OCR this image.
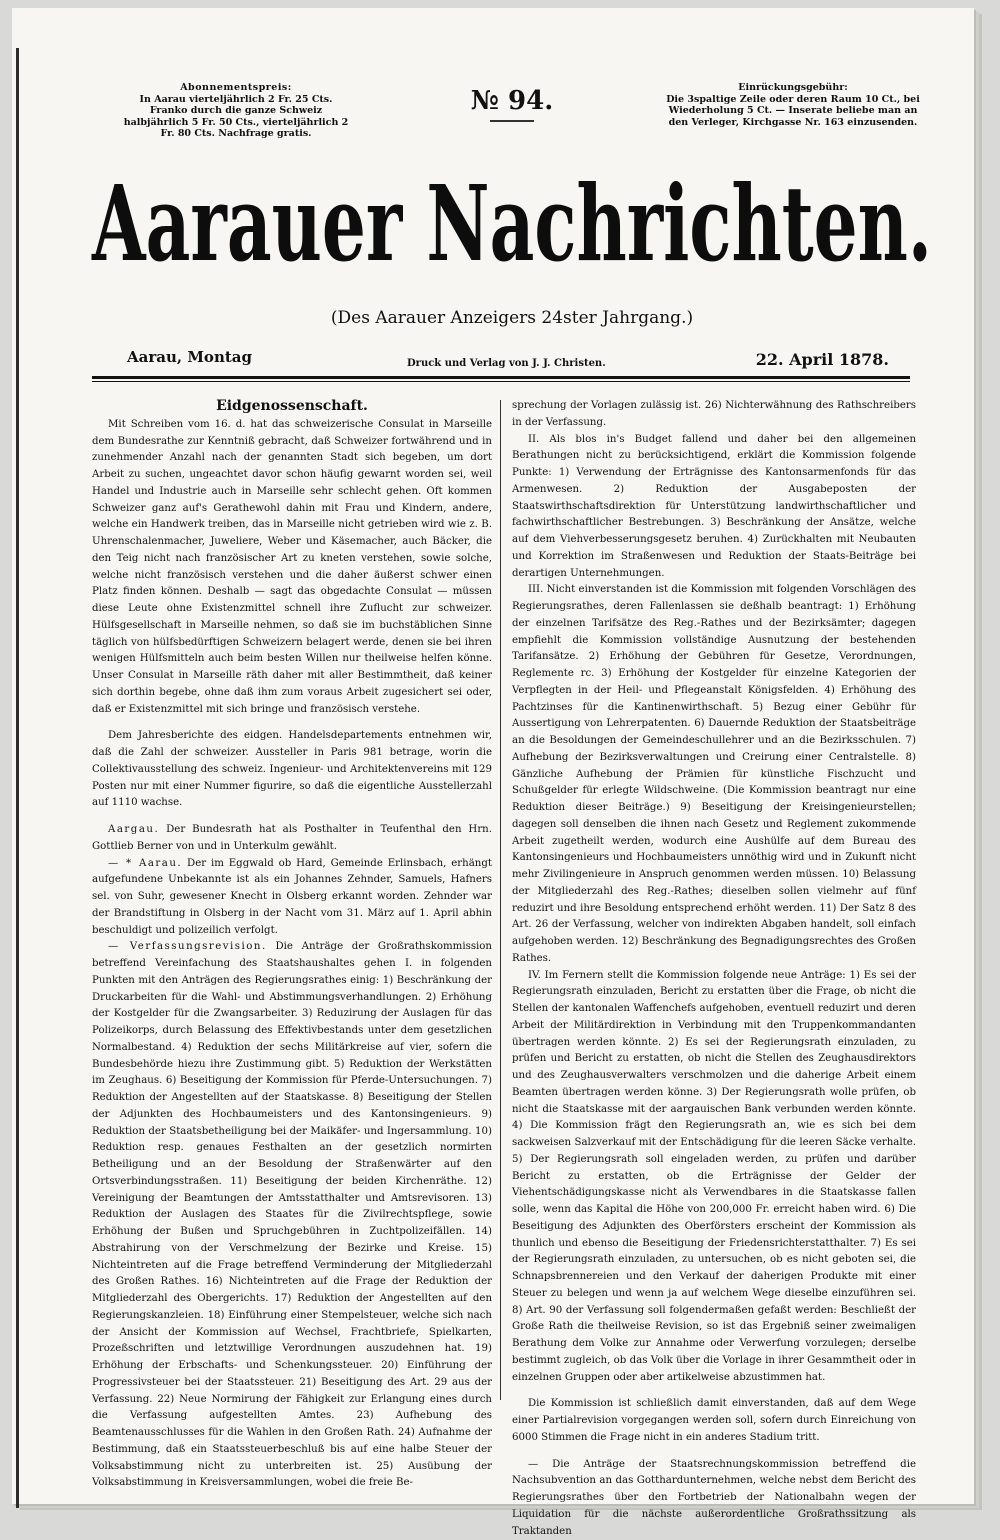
Abonnementspreis:
In Aarau vierteljährlich 2 Fr. 25 Cts. Franko durch die ganze Schweiz halbjährlich 5 Fr. 50 Cts., vierteljährlich 2 Fr. 80 Cts. Nachfrage gratis.
№ 94.	Einrückungsgebühr:
Die 3spaltige Zeile oder deren Raum 10 Ct., bei Wiederholung 5 Ct. — Inserate beliebe man an den Verleger, Kirchgasse Nr. 163 einzusenden.
Aarauer Nachrichten.
(Des Aarauer Anzeigers 24ster Jahrgang.)
Aarau, Montag	Druck und Verlag von J. J. Christen.	22. April 1878.
Eidgenossenschaft.

Mit Schreiben vom 16. d. hat das schweizerische Consulat in Marseille dem Bundesrathe zur Kenntniß gebracht, daß Schweizer fortwährend und in zunehmender Anzahl nach der genannten Stadt sich begeben, um dort Arbeit zu suchen, ungeachtet davor schon häufig gewarnt worden sei, weil Handel und Industrie auch in Marseille sehr schlecht gehen. Oft kommen Schweizer ganz auf's Gerathewohl dahin mit Frau und Kindern, andere, welche ein Handwerk treiben, das in Marseille nicht getrieben wird wie z. B. Uhrenschalenmacher, Juweliere, Weber und Käsemacher, auch Bäcker, die den Teig nicht nach französischer Art zu kneten verstehen, sowie solche, welche nicht französisch verstehen und die daher äußerst schwer einen Platz finden können. Deshalb — sagt das obgedachte Consulat — müssen diese Leute ohne Existenzmittel schnell ihre Zuflucht zur schweizer. Hülfsgesellschaft in Marseille nehmen, so daß sie im buchstäblichen Sinne täglich von hülfsbedürftigen Schweizern belagert werde, denen sie bei ihren wenigen Hülfsmitteln auch beim besten Willen nur theilweise helfen könne. Unser Consulat in Marseille räth daher mit aller Bestimmtheit, daß keiner sich dorthin begebe, ohne daß ihm zum voraus Arbeit zugesichert sei oder, daß er Existenzmittel mit sich bringe und französisch verstehe.

Dem Jahresberichte des eidgen. Handelsdepartements entnehmen wir, daß die Zahl der schweizer. Aussteller in Paris 981 betrage, worin die Collektivausstellung des schweiz. Ingenieur- und Architektenvereins mit 129 Posten nur mit einer Nummer figurire, so daß die eigentliche Ausstellerzahl auf 1110 wachse.

Aargau. Der Bundesrath hat als Posthalter in Teufenthal den Hrn. Gottlieb Berner von und in Unterkulm gewählt.

— * Aarau. Der im Eggwald ob Hard, Gemeinde Erlinsbach, erhängt aufgefundene Unbekannte ist als ein Johannes Zehnder, Samuels, Hafners sel. von Suhr, gewesener Knecht in Olsberg erkannt worden. Zehnder war der Brandstiftung in Olsberg in der Nacht vom 31. März auf 1. April abhin beschuldigt und polizeilich verfolgt.

— Verfassungsrevision. Die Anträge der Großrathskommission betreffend Vereinfachung des Staatshaushaltes gehen I. in folgenden Punkten mit den Anträgen des Regierungsrathes einig: 1) Beschränkung der Druckarbeiten für die Wahl- und Abstimmungsverhandlungen. 2) Erhöhung der Kostgelder für die Zwangsarbeiter. 3) Reduzirung der Auslagen für das Polizeikorps, durch Belassung des Effektivbestands unter dem gesetzlichen Normalbestand. 4) Reduktion der sechs Militärkreise auf vier, sofern die Bundesbehörde hiezu ihre Zustimmung gibt. 5) Reduktion der Werkstätten im Zeughaus. 6) Beseitigung der Kommission für Pferde-Untersuchungen. 7) Reduktion der Angestellten auf der Staatskasse. 8) Beseitigung der Stellen der Adjunkten des Hochbaumeisters und des Kantonsingenieurs. 9) Reduktion der Staatsbetheiligung bei der Maikäfer- und Ingersammlung. 10) Reduktion resp. genaues Festhalten an der gesetzlich normirten Betheiligung und an der Besoldung der Straßenwärter auf den Ortsverbindungsstraßen. 11) Beseitigung der beiden Kirchenräthe. 12) Vereinigung der Beamtungen der Amtsstatthalter und Amtsrevisoren. 13) Reduktion der Auslagen des Staates für die Zivilrechtspflege, sowie Erhöhung der Bußen und Spruchgebühren in Zuchtpolizeifällen. 14) Abstrahirung von der Verschmelzung der Bezirke und Kreise. 15) Nichteintreten auf die Frage betreffend Verminderung der Mitgliederzahl des Großen Rathes. 16) Nichteintreten auf die Frage der Reduktion der Mitgliederzahl des Obergerichts. 17) Reduktion der Angestellten auf den Regierungskanzleien. 18) Einführung einer Stempelsteuer, welche sich nach der Ansicht der Kommission auf Wechsel, Frachtbriefe, Spielkarten, Prozeßschriften und letztwillige Verordnungen auszudehnen hat. 19) Erhöhung der Erbschafts- und Schenkungssteuer. 20) Einführung der Progressivsteuer bei der Staatssteuer. 21) Beseitigung des Art. 29 aus der Verfassung. 22) Neue Normirung der Fähigkeit zur Erlangung eines durch die Verfassung aufgestellten Amtes. 23) Aufhebung des Beamtenausschlusses für die Wahlen in den Großen Rath. 24) Aufnahme der Bestimmung, daß ein Staatssteuerbeschluß bis auf eine halbe Steuer der Volksabstimmung nicht zu unterbreiten ist. 25) Ausübung der Volksabstimmung in Kreisversammlungen, wobei die freie Be-

sprechung der Vorlagen zulässig ist. 26) Nichterwähnung des Rathschreibers in der Verfassung.

II. Als blos in's Budget fallend und daher bei den allgemeinen Berathungen nicht zu berücksichtigend, erklärt die Kommission folgende Punkte: 1) Verwendung der Erträgnisse des Kantonsarmenfonds für das Armenwesen. 2) Reduktion der Ausgabeposten der Staatswirthschaftsdirektion für Unterstützung landwirthschaftlicher und fachwirthschaftlicher Bestrebungen. 3) Beschränkung der Ansätze, welche auf dem Viehverbesserungsgesetz beruhen. 4) Zurückhalten mit Neubauten und Korrektion im Straßenwesen und Reduktion der Staats-Beiträge bei derartigen Unternehmungen.

III. Nicht einverstanden ist die Kommission mit folgenden Vorschlägen des Regierungsrathes, deren Fallenlassen sie deßhalb beantragt: 1) Erhöhung der einzelnen Tarifsätze des Reg.-Rathes und der Bezirksämter; dagegen empfiehlt die Kommission vollständige Ausnutzung der bestehenden Tarifansätze. 2) Erhöhung der Gebühren für Gesetze, Verordnungen, Reglemente rc. 3) Erhöhung der Kostgelder für einzelne Kategorien der Verpflegten in der Heil- und Pflegeanstalt Königsfelden. 4) Erhöhung des Pachtzinses für die Kantinenwirthschaft. 5) Bezug einer Gebühr für Aussertigung von Lehrerpatenten. 6) Dauernde Reduktion der Staatsbeiträge an die Besoldungen der Gemeindeschullehrer und an die Bezirksschulen. 7) Aufhebung der Bezirksverwaltungen und Creirung einer Centralstelle. 8) Gänzliche Aufhebung der Prämien für künstliche Fischzucht und Schußgelder für erlegte Wildschweine. (Die Kommission beantragt nur eine Reduktion dieser Beiträge.) 9) Beseitigung der Kreisingenieurstellen; dagegen soll denselben die ihnen nach Gesetz und Reglement zukommende Arbeit zugetheilt werden, wodurch eine Aushülfe auf dem Bureau des Kantonsingenieurs und Hochbaumeisters unnöthig wird und in Zukunft nicht mehr Zivilingenieure in Anspruch genommen werden müssen. 10) Belassung der Mitgliederzahl des Reg.-Rathes; dieselben sollen vielmehr auf fünf reduzirt und ihre Besoldung entsprechend erhöht werden. 11) Der Satz 8 des Art. 26 der Verfassung, welcher von indirekten Abgaben handelt, soll einfach aufgehoben werden. 12) Beschränkung des Begnadigungsrechtes des Großen Rathes.

IV. Im Fernern stellt die Kommission folgende neue Anträge: 1) Es sei der Regierungsrath einzuladen, Bericht zu erstatten über die Frage, ob nicht die Stellen der kantonalen Waffenchefs aufgehoben, eventuell reduzirt und deren Arbeit der Militärdirektion in Verbindung mit den Truppenkommandanten übertragen werden könnte. 2) Es sei der Regierungsrath einzuladen, zu prüfen und Bericht zu erstatten, ob nicht die Stellen des Zeughausdirektors und des Zeughausverwalters verschmolzen und die daherige Arbeit einem Beamten übertragen werden könne. 3) Der Regierungsrath wolle prüfen, ob nicht die Staatskasse mit der aargauischen Bank verbunden werden könnte. 4) Die Kommission frägt den Regierungsrath an, wie es sich bei dem sackweisen Salzverkauf mit der Entschädigung für die leeren Säcke verhalte. 5) Der Regierungsrath soll eingeladen werden, zu prüfen und darüber Bericht zu erstatten, ob die Erträgnisse der Gelder der Viehentschädigungskasse nicht als Verwendbares in die Staatskasse fallen solle, wenn das Kapital die Höhe von 200,000 Fr. erreicht haben wird. 6) Die Beseitigung des Adjunkten des Oberförsters erscheint der Kommission als thunlich und ebenso die Beseitigung der Friedensrichterstatthalter. 7) Es sei der Regierungsrath einzuladen, zu untersuchen, ob es nicht geboten sei, die Schnapsbrennereien und den Verkauf der daherigen Produkte mit einer Steuer zu belegen und wenn ja auf welchem Wege dieselbe einzuführen sei. 8) Art. 90 der Verfassung soll folgendermaßen gefaßt werden: Beschließt der Große Rath die theilweise Revision, so ist das Ergebniß seiner zweimaligen Berathung dem Volke zur Annahme oder Verwerfung vorzulegen; derselbe bestimmt zugleich, ob das Volk über die Vorlage in ihrer Gesammtheit oder in einzelnen Gruppen oder aber artikelweise abzustimmen hat.

Die Kommission ist schließlich damit einverstanden, daß auf dem Wege einer Partialrevision vorgegangen werden soll, sofern durch Einreichung von 6000 Stimmen die Frage nicht in ein anderes Stadium tritt.

— Die Anträge der Staatsrechnungskommission betreffend die Nachsubvention an das Gotthardunternehmen, welche nebst dem Bericht des Regierungsrathes über den Fortbetrieb der Nationalbahn wegen der Liquidation für die nächste außerordentliche Großrathssitzung als Traktanden
